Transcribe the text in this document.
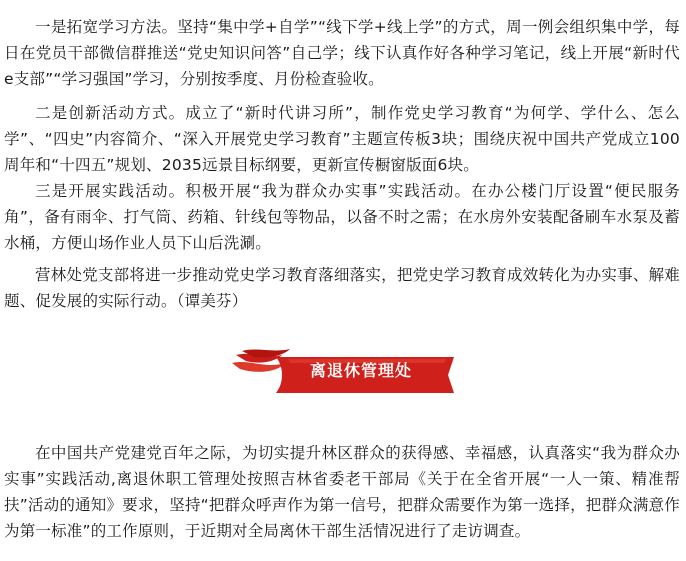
一是拓宽学习方法。坚持“集中学+自学”“线下学+线上学”的方式，周一例会组织集中学，每日在党员干部微信群推送“党史知识问答”自己学；线下认真作好各种学习笔记，线上开展“新时代e支部”“学习强国”学习，分别按季度、月份检查验收。

二是创新活动方式。成立了“新时代讲习所”，制作党史学习教育“为何学、学什么、怎么学”、“四史”内容简介、“深入开展党史学习教育”主题宣传板3块；围绕庆祝中国共产党成立100周年和“十四五”规划、2035远景目标纲要，更新宣传橱窗版面6块。

三是开展实践活动。积极开展“我为群众办实事”实践活动。在办公楼门厅设置“便民服务角”，备有雨伞、打气筒、药箱、针线包等物品，以备不时之需；在水房外安装配备刷车水泵及蓄水桶，方便山场作业人员下山后洗涮。

营林处党支部将进一步推动党史学习教育落细落实，把党史学习教育成效转化为办实事、解难题、促发展的实际行动。（谭美芬）

离退休管理处

在中国共产党建党百年之际，为切实提升林区群众的获得感、幸福感，认真落实“我为群众办实事”实践活动,离退休职工管理处按照吉林省委老干部局《关于在全省开展“一人一策、精准帮扶”活动的通知》要求，坚持“把群众呼声作为第一信号，把群众需要作为第一选择，把群众满意作为第一标准”的工作原则，于近期对全局离休干部生活情况进行了走访调查。
